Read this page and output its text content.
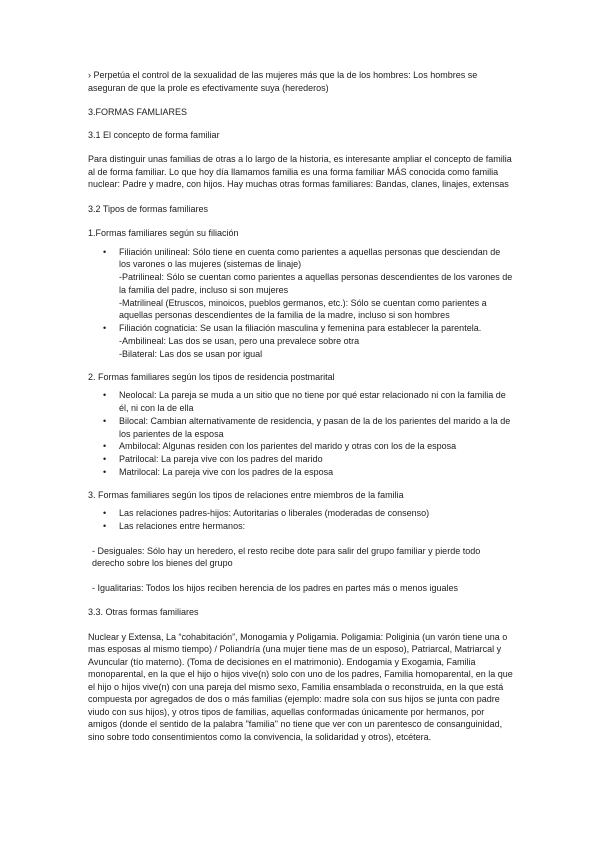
› Perpetúa el control de la sexualidad de las mujeres más que la de los hombres: Los hombres se aseguran de que la prole es efectivamente suya (herederos)

3.FORMAS FAMLIARES

3.1 El concepto de forma familiar

Para distinguir unas familias de otras a lo largo de la historia, es interesante ampliar el concepto de familia al de forma familiar. Lo que hoy día llamamos familia es una forma familiar MÁS conocida como familia nuclear: Padre y madre, con hijos. Hay muchas otras formas familiares: Bandas, clanes, linajes, extensas

3.2 Tipos de formas familiares

1.Formas familiares según su filiación

• Filiación unilineal: Sólo tiene en cuenta como parientes a aquellas personas que desciendan de los varones o las mujeres (sistemas de linaje)
-Patrilineal: Sólo se cuentan como parientes a aquellas personas descendientes de los varones de la familia del padre, incluso si son mujeres
-Matrilineal (Etruscos, minoicos, pueblos germanos, etc.): Sólo se cuentan como parientes a aquellas personas descendientes de la familia de la madre, incluso si son hombres
• Filiación cognaticia: Se usan la filiación masculina y femenina para establecer la parentela.
-Ambilineal: Las dos se usan, pero una prevalece sobre otra
-Bilateral: Las dos se usan por igual

2. Formas familiares según los tipos de residencia postmarital

• Neolocal: La pareja se muda a un sitio que no tiene por qué estar relacionado ni con la familia de él, ni con la de ella
• Bilocal: Cambian alternativamente de residencia, y pasan de la de los parientes del marido a la de los parientes de la esposa
• Ambilocal: Algunas residen con los parientes del marido y otras con los de la esposa
• Patrilocal: La pareja vive con los padres del marido
• Matrilocal: La pareja vive con los padres de la esposa

3. Formas familiares según los tipos de relaciones entre miembros de la familia

• Las relaciones padres-hijos: Autoritarias o liberales (moderadas de consenso)
• Las relaciones entre hermanos:

- Desiguales: Sólo hay un heredero, el resto recibe dote para salir del grupo familiar y pierde todo derecho sobre los bienes del grupo

- Igualitarias: Todos los hijos reciben herencia de los padres en partes más o menos iguales

3.3. Otras formas familiares

Nuclear y Extensa, La “cohabitación”, Monogamia y Poligamia. Poligamia: Poliginia (un varón tiene una o mas esposas al mismo tiempo) / Poliandría (una mujer tiene mas de un esposo), Patriarcal, Matriarcal y Avuncular (tío materno). (Toma de decisiones en el matrimonio). Endogamia y Exogamia, Familia monoparental, en la que el hijo o hijos vive(n) solo con uno de los padres, Familia homoparental, en la que el hijo o hijos vive(n) con una pareja del mismo sexo, Familia ensamblada o reconstruida, en la que está compuesta por agregados de dos o más familias (ejemplo: madre sola con sus hijos se junta con padre viudo con sus hijos), y otros tipos de familias, aquellas conformadas únicamente por hermanos, por amigos (donde el sentido de la palabra "familia" no tiene que ver con un parentesco de consanguinidad, sino sobre todo consentimientos como la convivencia, la solidaridad y otros), etcétera.
